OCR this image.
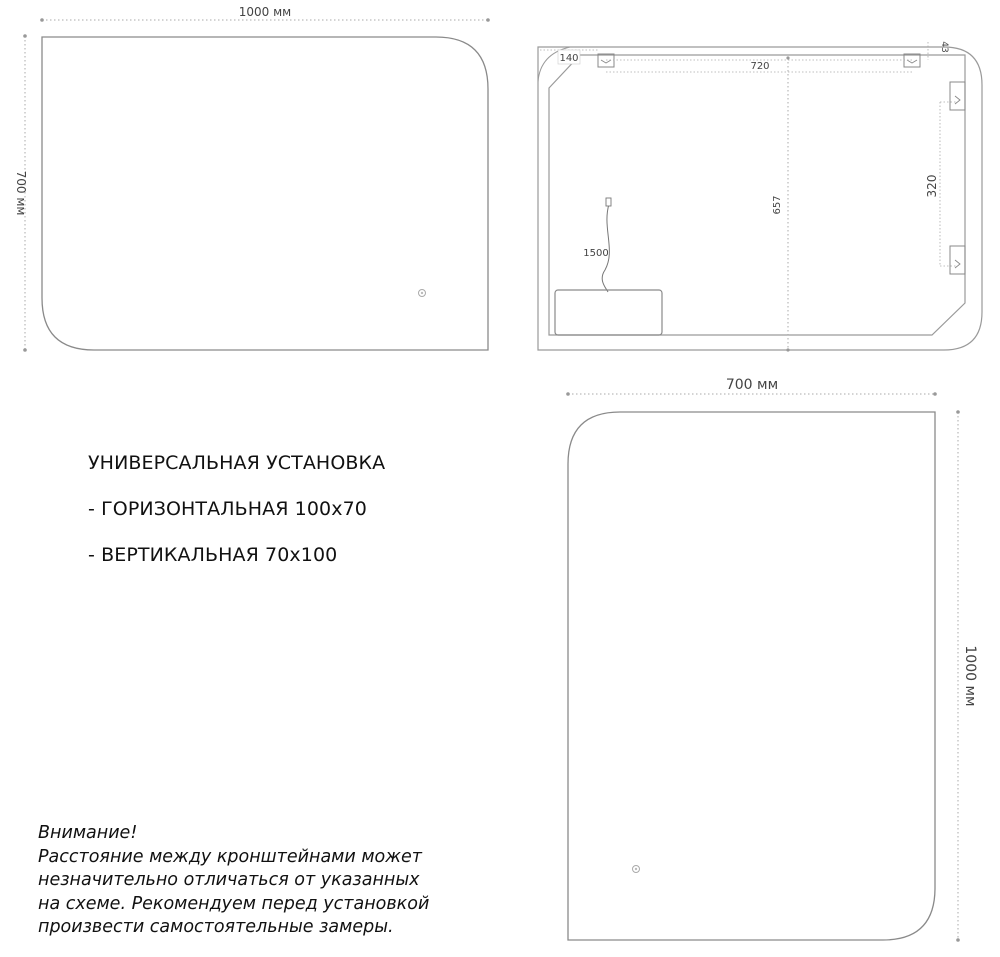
1000 мм
700 мм
140
720
43
657
320
1500
700 мм
1000 мм
УНИВЕРСАЛЬНАЯ УСТАНОВКА
- ГОРИЗОНТАЛЬНАЯ 100х70
- ВЕРТИКАЛЬНАЯ 70х100
Внимание!
Расстояние между кронштейнами может
незначительно отличаться от указанных
на схеме. Рекомендуем перед установкой
произвести самостоятельные замеры.
